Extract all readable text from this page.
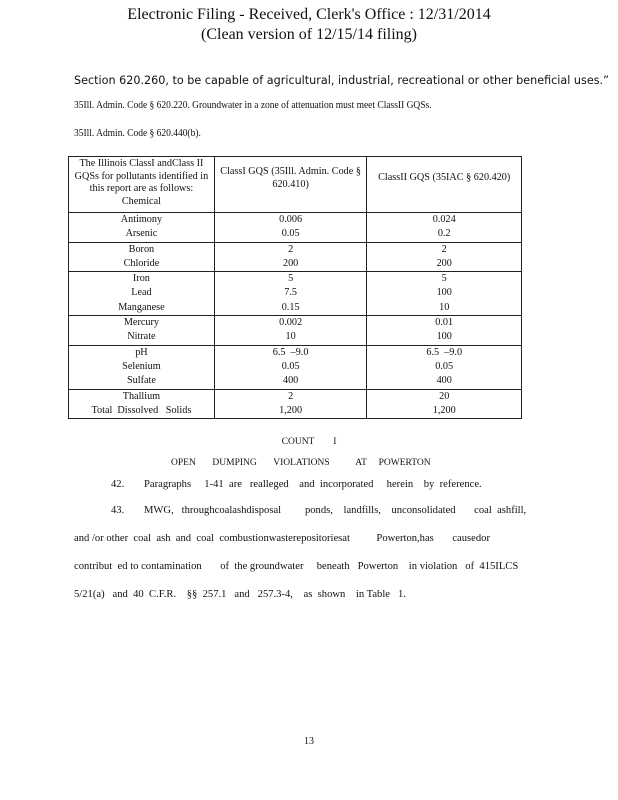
Electronic Filing - Received, Clerk's Office : 12/31/2014
(Clean version of 12/15/14 filing)
Section 620.260, to be capable of agricultural, industrial, recreational or other beneficial uses.”
35Ill. Admin. Code § 620.220. Groundwater in a zone of attenuation must meet ClassII GQSs.
35Ill. Admin. Code § 620.440(b).
The Illinois ClassI andClass II GQSs for pollutants identified in this report are as follows: Chemical	ClassI GQS (35Ill. Admin. Code § 620.410)	ClassII GQS (35IAC § 620.420)
Antimony	0.006	0.024
Arsenic	0.05	0.2
Boron	2	2
Chloride	200	200
Iron	5	5
Lead	7.5	100
Manganese	0.15	10
Mercury	0.002	0.01
Nitrate	10	100
pH	6.5  –9.0	6.5  –9.0
Selenium	0.05	0.05
Sulfate	400	400
Thallium	2	20
Total  Dissolved   Solids	1,200	1,200
COUNT        I
OPEN       DUMPING       VIOLATIONS           AT     POWERTON
42. Paragraphs     1-41  are   realleged    and  incorporated     herein    by  reference.
43. MWG,   throughcoalashdisposal         ponds,    landfills,    unconsolidated       coal  ashfill,
and /or other  coal  ash  and  coal  combustionwasterepositoriesat          Powerton,has       causedor
contribut  ed to contamination       of  the groundwater     beneath   Powerton    in violation   of  415ILCS
5/21(a)   and  40  C.F.R.    §§  257.1   and   257.3-4,    as  shown    in Table   1.
13
